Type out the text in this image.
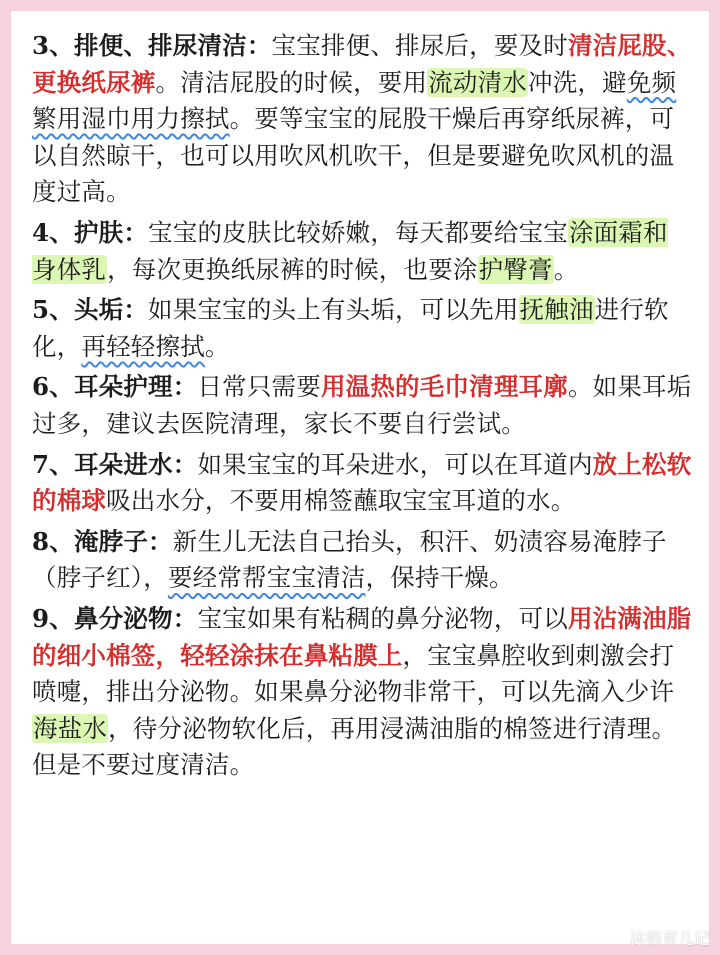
3、排便、排尿清洁：宝宝排便、排尿后，要及时清洁屁股、更换纸尿裤。清洁屁股的时候，要用流动清水冲洗，避免频繁用湿巾用力擦拭。要等宝宝的屁股干燥后再穿纸尿裤，可以自然晾干，也可以用吹风机吹干，但是要避免吹风机的温度过高。

4、护肤：宝宝的皮肤比较娇嫩，每天都要给宝宝涂面霜和身体乳，每次更换纸尿裤的时候，也要涂护臀膏。

5、头垢：如果宝宝的头上有头垢，可以先用抚触油进行软化，再轻轻擦拭。

6、耳朵护理：日常只需要用温热的毛巾清理耳廓。如果耳垢过多，建议去医院清理，家长不要自行尝试。

7、耳朵进水：如果宝宝的耳朵进水，可以在耳道内放上松软的棉球吸出水分，不要用棉签蘸取宝宝耳道的水。

8、淹脖子：新生儿无法自己抬头，积汗、奶渍容易淹脖子（脖子红），要经常帮宝宝清洁，保持干燥。

9、鼻分泌物：宝宝如果有粘稠的鼻分泌物，可以用沾满油脂的细小棉签，轻轻涂抹在鼻粘膜上，宝宝鼻腔收到刺激会打喷嚏，排出分泌物。如果鼻分泌物非常干，可以先滴入少许海盐水，待分泌物软化后，再用浸满油脂的棉签进行清理。但是不要过度清洁。

沐妈育儿记
